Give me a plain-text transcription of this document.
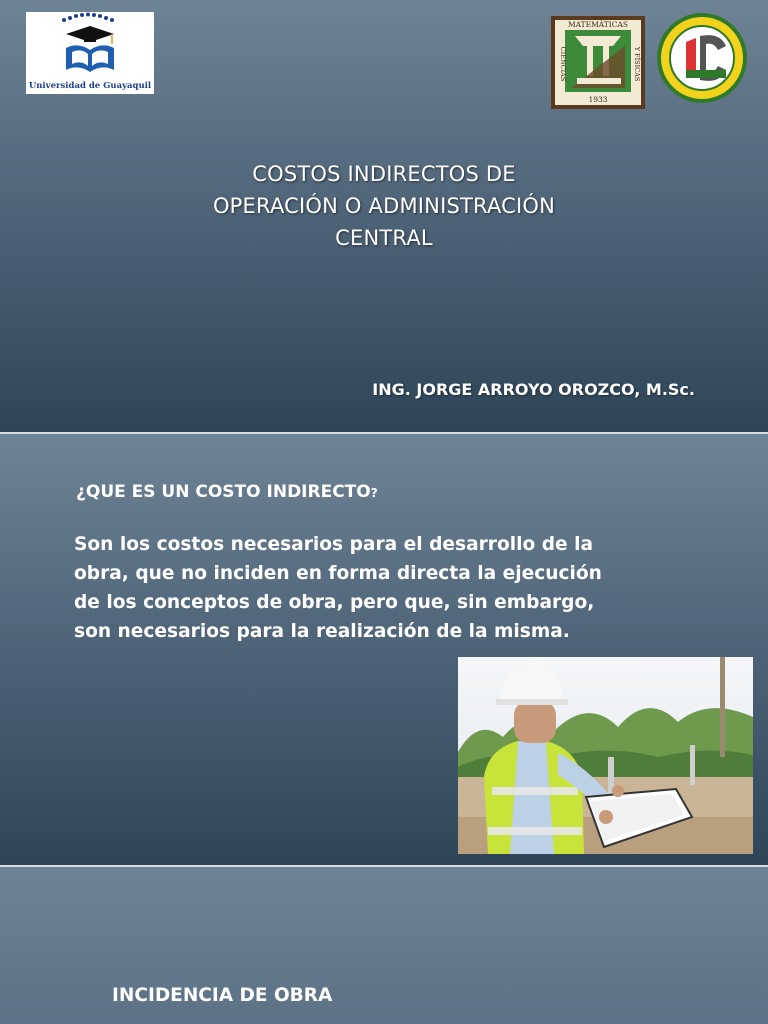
Universidad de Guayaquil
MATEMÁTICAS
1933
CIENCIAS	Y FÍSICAS
COSTOS INDIRECTOS DE
OPERACIÓN O ADMINISTRACIÓN
CENTRAL
ING. JORGE ARROYO OROZCO, M.Sc.
¿QUE ES UN COSTO INDIRECTO?
Son los costos necesarios para el desarrollo de la
obra, que no inciden en forma directa la ejecución
de los conceptos de obra, pero que, sin embargo,
son necesarios para la realización de la misma.
INCIDENCIA DE OBRA
